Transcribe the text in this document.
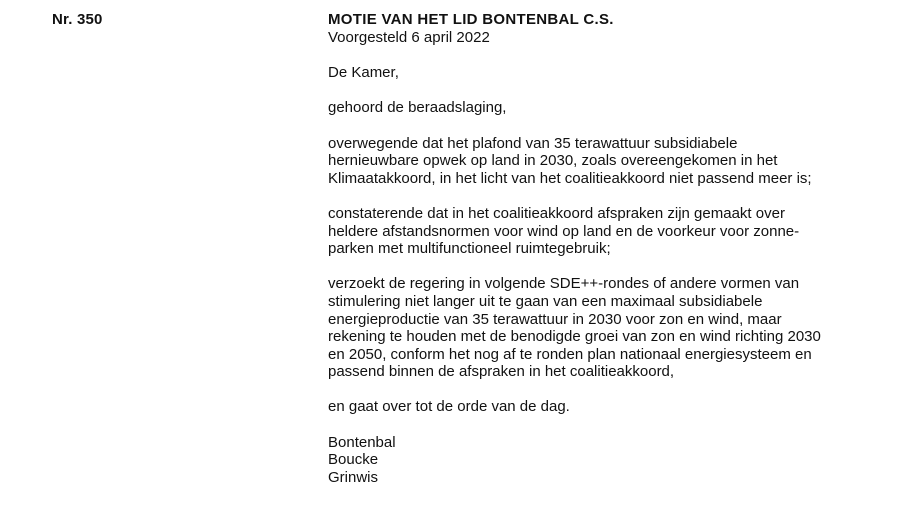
Nr. 350	MOTIE VAN HET LID BONTENBAL C.S.

Voorgesteld 6 april 2022

De Kamer,

gehoord de beraadslaging,

overwegende dat het plafond van 35 terawattuur subsidiabele
hernieuwbare opwek op land in 2030, zoals overeengekomen in het
Klimaatakkoord, in het licht van het coalitieakkoord niet passend meer is;

constaterende dat in het coalitieakkoord afspraken zijn gemaakt over
heldere afstandsnormen voor wind op land en de voorkeur voor zonne-
parken met multifunctioneel ruimtegebruik;

verzoekt de regering in volgende SDE++-rondes of andere vormen van
stimulering niet langer uit te gaan van een maximaal subsidiabele
energieproductie van 35 terawattuur in 2030 voor zon en wind, maar
rekening te houden met de benodigde groei van zon en wind richting 2030
en 2050, conform het nog af te ronden plan nationaal energiesysteem en
passend binnen de afspraken in het coalitieakkoord,

en gaat over tot de orde van de dag.

Bontenbal
Boucke
Grinwis
